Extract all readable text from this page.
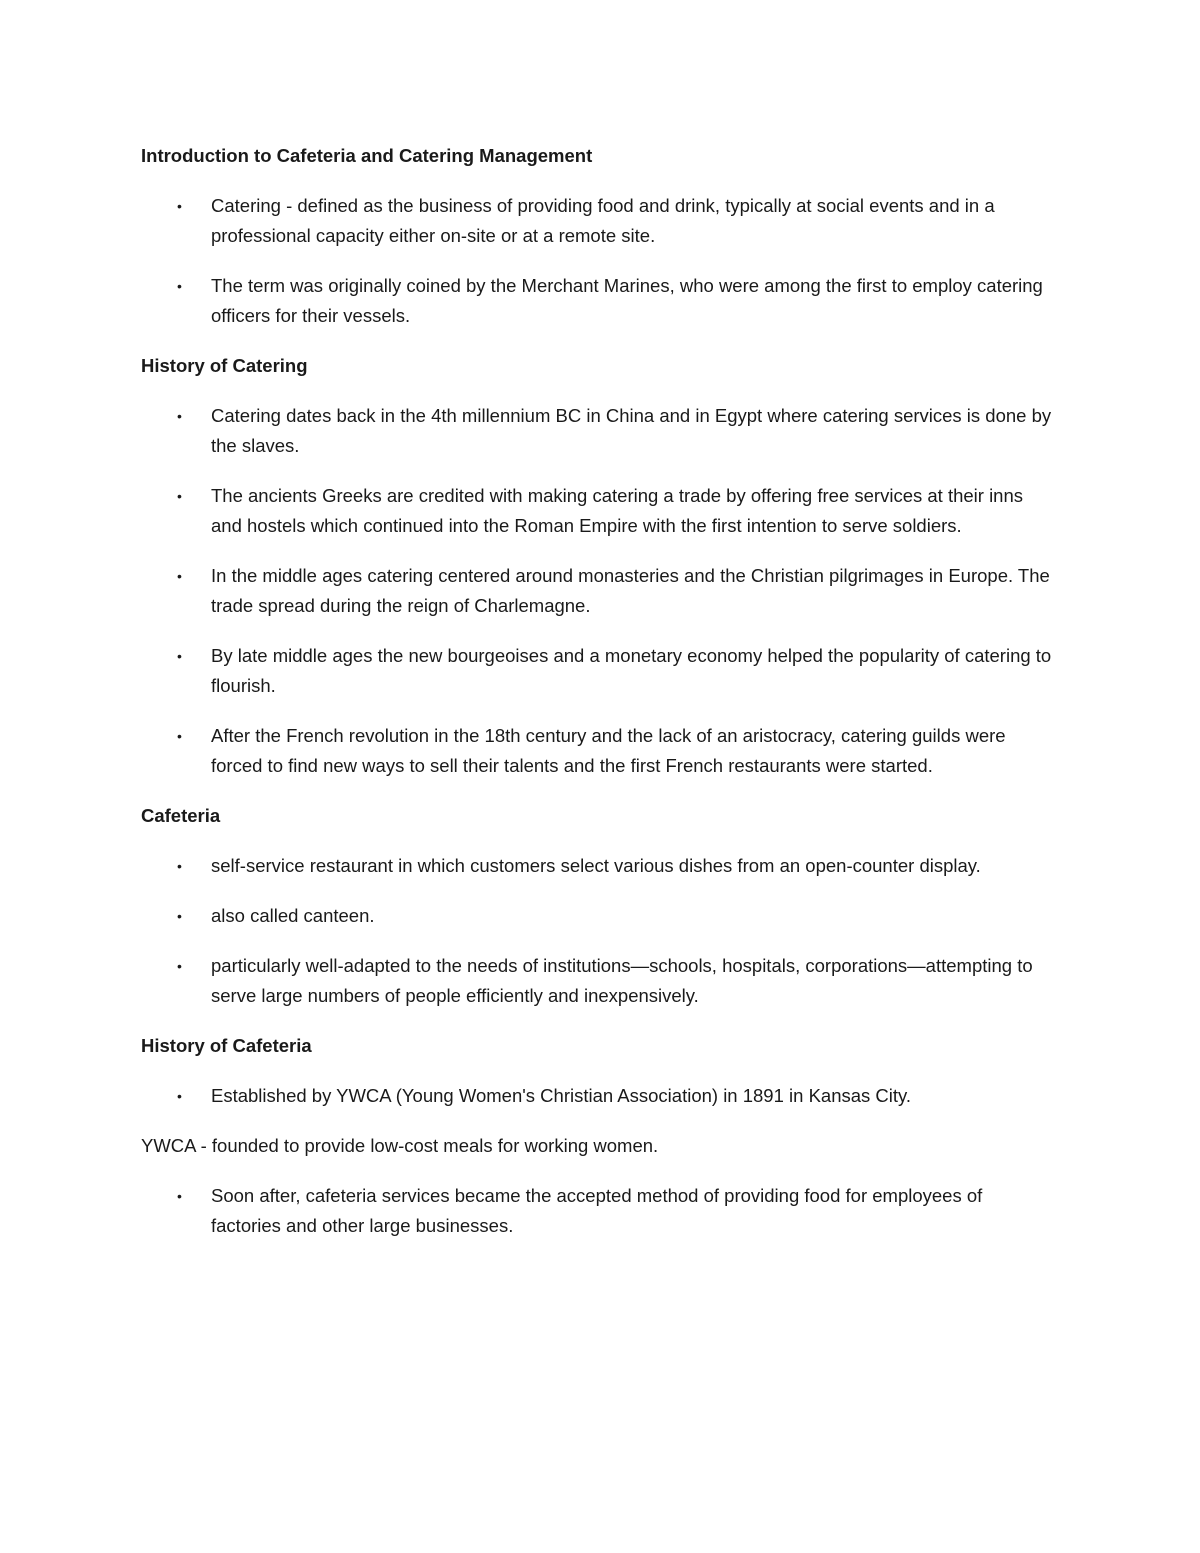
Introduction to Cafeteria and Catering Management
• Catering - defined as the business of providing food and drink, typically at social events and in a professional capacity either on-site or at a remote site.
• The term was originally coined by the Merchant Marines, who were among the first to employ catering officers for their vessels.
History of Catering
• Catering dates back in the 4th millennium BC in China and in Egypt where catering services is done by the slaves.
• The ancients Greeks are credited with making catering a trade by offering free services at their inns and hostels which continued into the Roman Empire with the first intention to serve soldiers.
• In the middle ages catering centered around monasteries and the Christian pilgrimages in Europe. The trade spread during the reign of Charlemagne.
• By late middle ages the new bourgeoises and a monetary economy helped the popularity of catering to flourish.
• After the French revolution in the 18th century and the lack of an aristocracy, catering guilds were forced to find new ways to sell their talents and the first French restaurants were started.
Cafeteria
• self-service restaurant in which customers select various dishes from an open-counter display.
• also called canteen.
• particularly well-adapted to the needs of institutions—schools, hospitals, corporations—attempting to serve large numbers of people efficiently and inexpensively.
History of Cafeteria
• Established by YWCA (Young Women's Christian Association) in 1891 in Kansas City.
YWCA - founded to provide low-cost meals for working women.
• Soon after, cafeteria services became the accepted method of providing food for employees of factories and other large businesses.
